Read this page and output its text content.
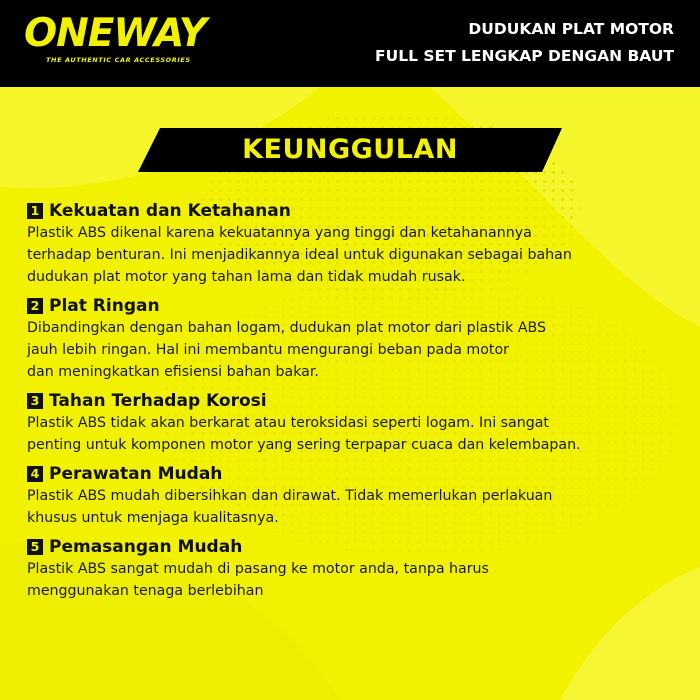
ONEWAY
THE AUTHENTIC CAR ACCESSORIES
DUDUKAN PLAT MOTOR
FULL SET LENGKAP DENGAN BAUT
KEUNGGULAN
1 Kekuatan dan Ketahanan
Plastik ABS dikenal karena kekuatannya yang tinggi dan ketahanannya
terhadap benturan. Ini menjadikannya ideal untuk digunakan sebagai bahan
dudukan plat motor yang tahan lama dan tidak mudah rusak.
2 Plat Ringan
Dibandingkan dengan bahan logam, dudukan plat motor dari plastik ABS
jauh lebih ringan. Hal ini membantu mengurangi beban pada motor
dan meningkatkan efisiensi bahan bakar.
3 Tahan Terhadap Korosi
Plastik ABS tidak akan berkarat atau teroksidasi seperti logam. Ini sangat
penting untuk komponen motor yang sering terpapar cuaca dan kelembapan.
4 Perawatan Mudah
Plastik ABS mudah dibersihkan dan dirawat. Tidak memerlukan perlakuan
khusus untuk menjaga kualitasnya.
5 Pemasangan Mudah
Plastik ABS sangat mudah di pasang ke motor anda, tanpa harus
menggunakan tenaga berlebihan
